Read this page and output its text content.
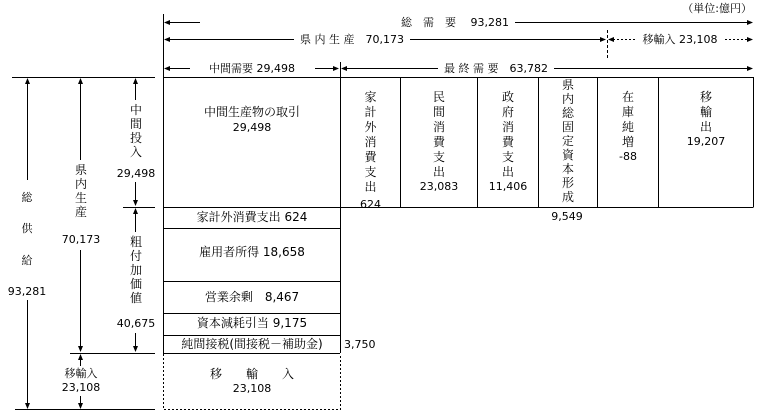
（単位:億円）
総　需　要　 93,281
県 内 生 産　70,173	移輸入 23,108
中間需要 29,498	最 終 需 要　63,782
総
供
給
93,281
県内生産
70,173
中間投入
29,498
粗付加価値
40,675
移輸入
23,108
中間生産物の取引
29,498
家計外消費支出 624
雇用者所得 18,658
営業余剰　8,467
資本減耗引当 9,175
純間接税(間接税－補助金) 3,750
移　　輸　　入
23,108
家計外消費支出
624
民間消費支出
23,083
政府消費支出
11,406
県内総固定資本形成
9,549
在庫純増
-88
移輸出
19,207
